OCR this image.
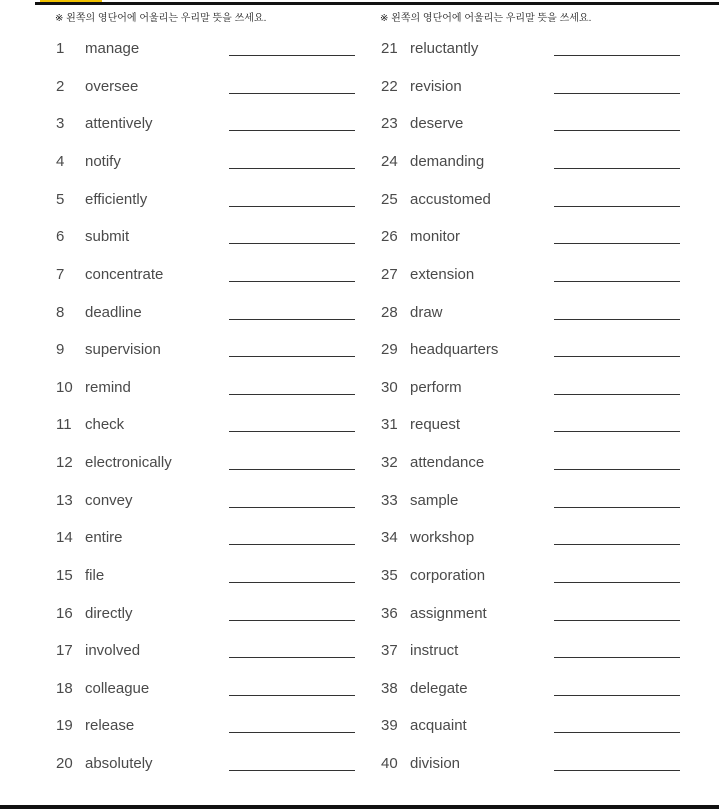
※ 왼쪽의 영단어에 어울리는 우리말 뜻을 쓰세요.	※ 왼쪽의 영단어에 어울리는 우리말 뜻을 쓰세요.
1 manage
2 oversee
3 attentively
4 notify
5 efficiently
6 submit
7 concentrate
8 deadline
9 supervision
10 remind
11 check
12 electronically
13 convey
14 entire
15 file
16 directly
17 involved
18 colleague
19 release
20 absolutely
21 reluctantly
22 revision
23 deserve
24 demanding
25 accustomed
26 monitor
27 extension
28 draw
29 headquarters
30 perform
31 request
32 attendance
33 sample
34 workshop
35 corporation
36 assignment
37 instruct
38 delegate
39 acquaint
40 division
